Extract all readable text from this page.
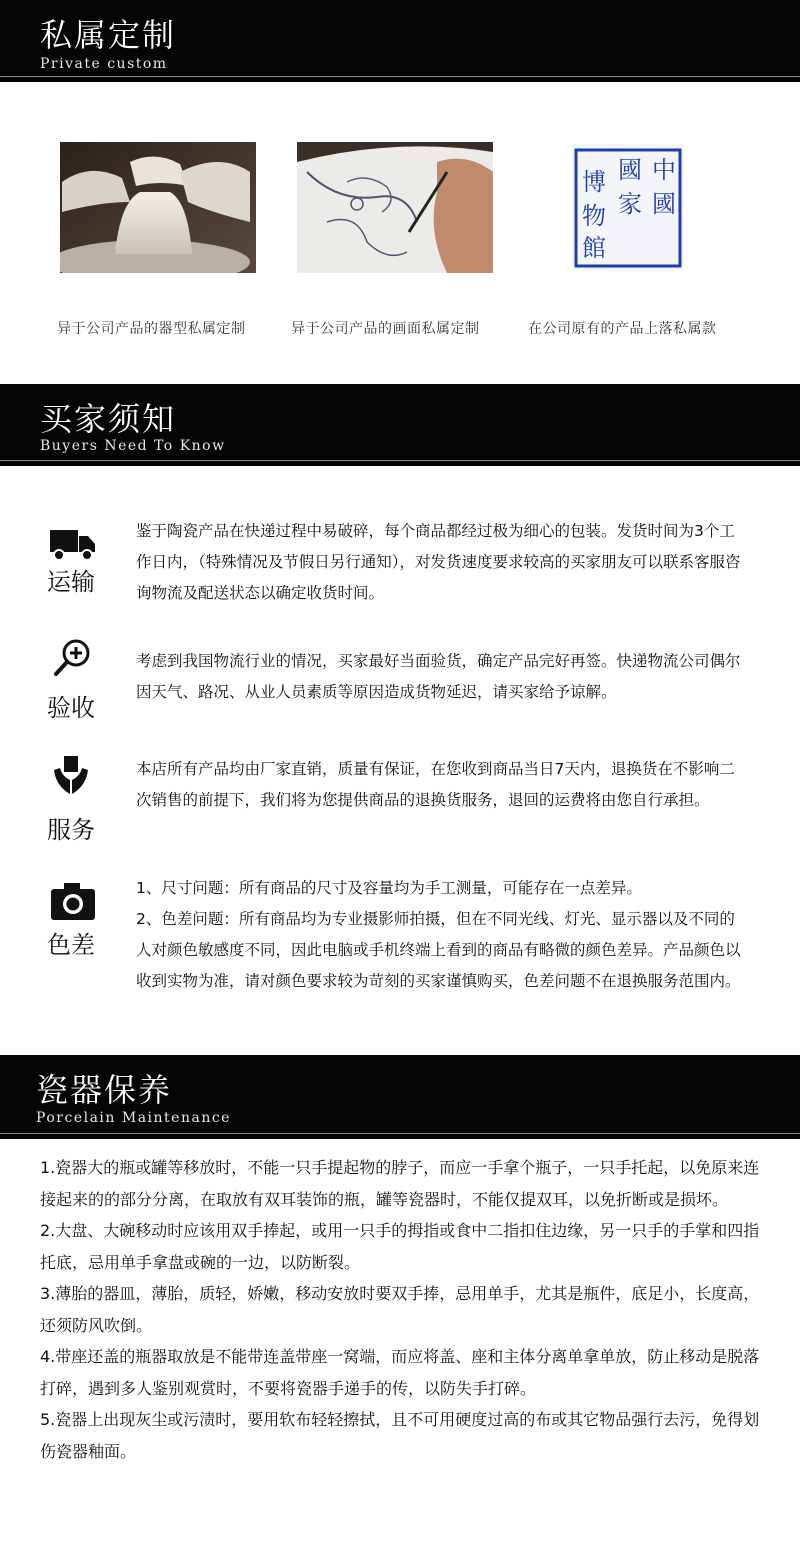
私属定制
Private custom
中
國
國
家
博
物
館
异于公司产品的器型私属定制	异于公司产品的画面私属定制	在公司原有的产品上落私属款
买家须知
Buyers Need To Know
运输

鉴于陶瓷产品在快递过程中易破碎，每个商品都经过极为细心的包装。发货时间为3个工作日内，（特殊情况及节假日另行通知），对发货速度要求较高的买家朋友可以联系客服咨询物流及配送状态以确定收货时间。

验收

考虑到我国物流行业的情况，买家最好当面验货，确定产品完好再签。快递物流公司偶尔因天气、路况、从业人员素质等原因造成货物延迟，请买家给予谅解。

服务

本店所有产品均由厂家直销，质量有保证，在您收到商品当日7天内，退换货在不影响二次销售的前提下，我们将为您提供商品的退换货服务，退回的运费将由您自行承担。

色差

1、尺寸问题：所有商品的尺寸及容量均为手工测量，可能存在一点差异。

2、色差问题：所有商品均为专业摄影师拍摄，但在不同光线、灯光、显示器以及不同的人对颜色敏感度不同，因此电脑或手机终端上看到的商品有略微的颜色差异。产品颜色以收到实物为准，请对颜色要求较为苛刻的买家谨慎购买，色差问题不在退换服务范围内。

瓷器保养
Porcelain Maintenance

1.瓷器大的瓶或罐等移放时，不能一只手提起物的脖子，而应一手拿个瓶子，一只手托起，以免原来连接起来的的部分分离，在取放有双耳装饰的瓶，罐等瓷器时，不能仅提双耳，以免折断或是损坏。

2.大盘、大碗移动时应该用双手捧起，或用一只手的拇指或食中二指扣住边缘，另一只手的手掌和四指托底，忌用单手拿盘或碗的一边，以防断裂。

3.薄胎的器皿，薄胎，质轻，娇嫩，移动安放时要双手捧，忌用单手，尤其是瓶件，底足小，长度高，还须防风吹倒。

4.带座还盖的瓶器取放是不能带连盖带座一窝端，而应将盖、座和主体分离单拿单放，防止移动是脱落打碎，遇到多人鉴别观赏时，不要将瓷器手递手的传，以防失手打碎。

5.瓷器上出现灰尘或污渍时，要用软布轻轻擦拭，且不可用硬度过高的布或其它物品强行去污，免得划伤瓷器釉面。
